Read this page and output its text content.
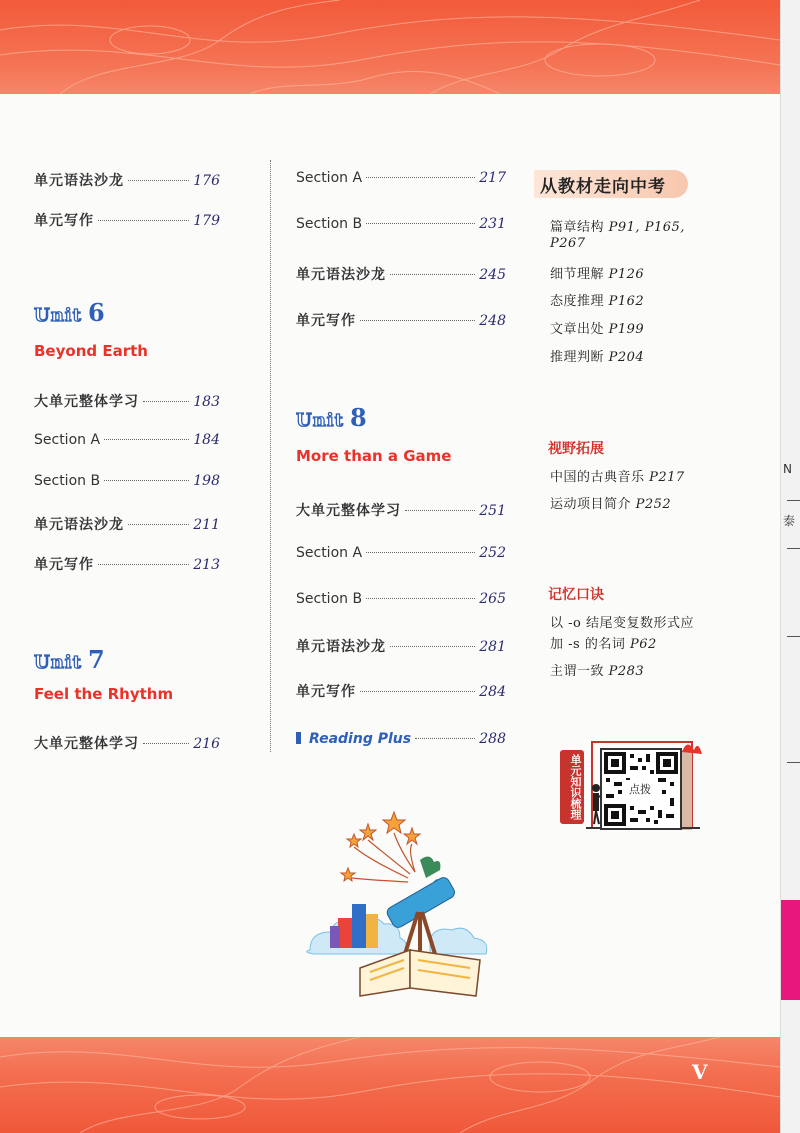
N
泰
单元语法沙龙	176
单元写作	179
Unit 6
Beyond Earth
大单元整体学习	183
Section A	184
Section B	198
单元语法沙龙	211
单元写作	213
Unit 7
Feel the Rhythm
大单元整体学习	216
Section A	217
Section B	231
单元语法沙龙	245
单元写作	248
Unit 8
More than a Game
大单元整体学习	251
Section A	252
Section B	265
单元语法沙龙	281
单元写作	284
Reading Plus	288
从教材走向中考
篇章结构 P91, P165,
P267
细节理解 P126
态度推理 P162
文章出处 P199
推理判断 P204
视野拓展
中国的古典音乐 P217
运动项目简介 P252
记忆口诀
以 -o 结尾变复数形式应
加 -s 的名词 P62
主谓一致 P283
单元知识梳理	点拨
V
